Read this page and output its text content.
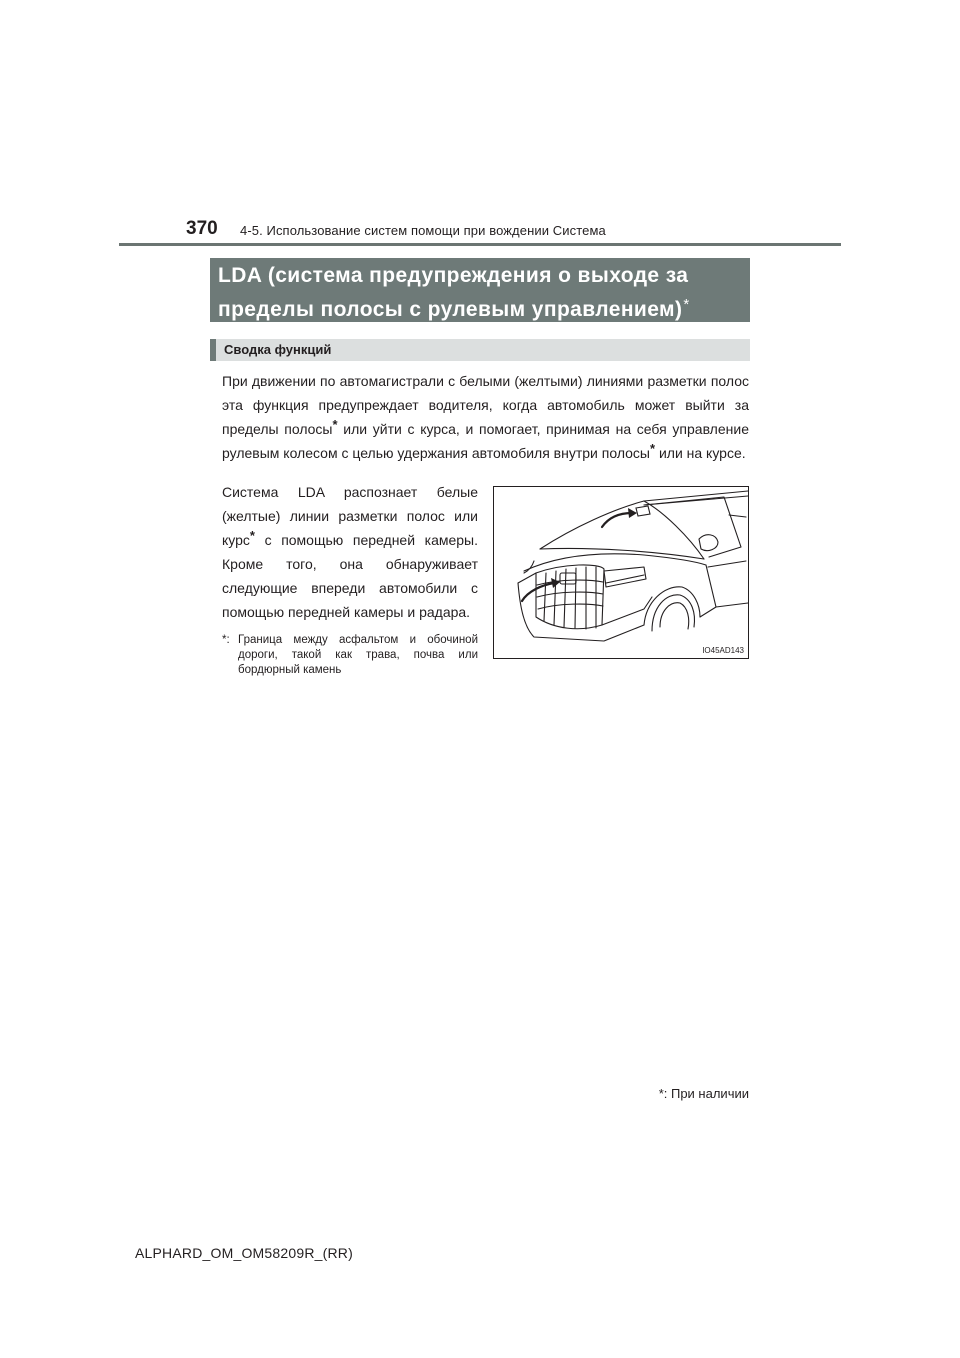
370 4-5. Использование систем помощи при вождении Система
LDA (система предупреждения о выходе за
пределы полосы с рулевым управлением)*
Сводка функций

При движении по автомагистрали с белыми (желтыми) линиями разметки полос эта функция предупреждает водителя, когда автомобиль может выйти за пределы полосы* или уйти с курса, и помогает, принимая на себя управление рулевым колесом с целью удержания автомобиля внутри полосы* или на курсе.

Система LDA распознает белые (желтые) линии разметки полос или курс* с помощью передней камеры. Кроме того, она обнаруживает следующие впереди автомобили с помощью передней камеры и радара.

*: Граница между асфальтом и обочиной дороги, такой как трава, почва или бордюрный камень
IO45AD143
*: При наличии
ALPHARD_OM_OM58209R_(RR)
